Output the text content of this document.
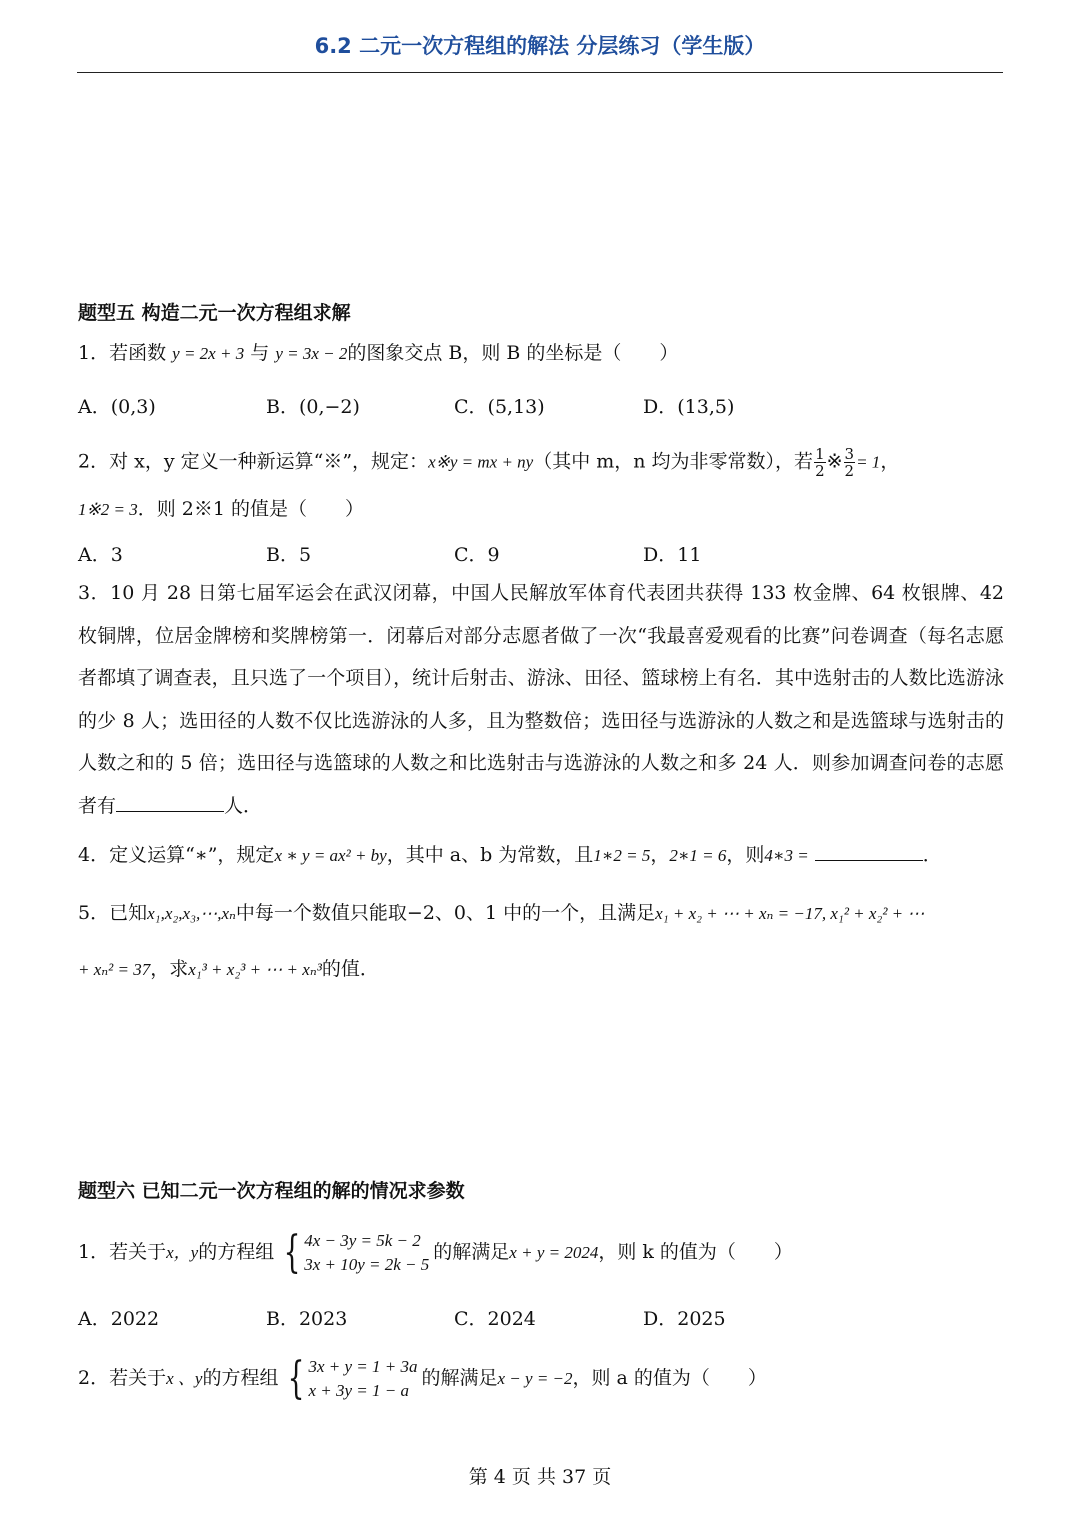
6.2 二元一次方程组的解法 分层练习（学生版）
题型五 构造二元一次方程组求解
1．若函数 y = 2x + 3 与 y = 3x − 2的图象交点 B，则 B 的坐标是（　　）
A．(0,3)	B．(0,−2)	C．(5,13)	D．(13,5)
2．对 x，y 定义一种新运算“※”，规定：x※y = mx + ny（其中 m，n 均为非零常数），若 $\frac{1}{2}$ ※ $\frac{3}{2} = 1$，
1※2 = 3．则 2※1 的值是（　　）
A．3	B．5	C．9	D．11
3．10 月 28 日第七届军运会在武汉闭幕，中国人民解放军体育代表团共获得 133 枚金牌、64 枚银牌、42 枚铜牌，位居金牌榜和奖牌榜第一．闭幕后对部分志愿者做了一次“我最喜爱观看的比赛”问卷调查（每名志愿者都填了调查表，且只选了一个项目），统计后射击、游泳、田径、篮球榜上有名．其中选射击的人数比选游泳的少 8 人；选田径的人数不仅比选游泳的人多，且为整数倍；选田径与选游泳的人数之和是选篮球与选射击的人数之和的 5 倍；选田径与选篮球的人数之和比选射击与选游泳的人数之和多 24 人．则参加调查问卷的志愿者有	人．
4．定义运算“∗”，规定x ∗ y = ax² + by，其中 a、b 为常数，且1∗2 = 5，2∗1 = 6，则4∗3 =	．
5．已知x₁,x₂,x₃,⋯,xₙ中每一个数值只能取−2、0、1 中的一个，且满足x₁ + x₂ + ⋯ + xₙ = −17, x₁² + x₂² + ⋯
+ xₙ² = 37，求x₁³ + x₂³ + ⋯ + xₙ³的值．
题型六 已知二元一次方程组的解的情况求参数
1．若关于x，y的方程组 { 4x − 3y = 5k − 2
3x + 10y = 2k − 5
的解满足x + y = 2024，则 k 的值为（　　）
A．2022	B．2023	C．2024	D．2025
2．若关于x 、y的方程组 { 3x + y = 1 + 3a
x + 3y = 1 − a
的解满足x − y = −2，则 a 的值为（　　）
第 4 页 共 37 页
